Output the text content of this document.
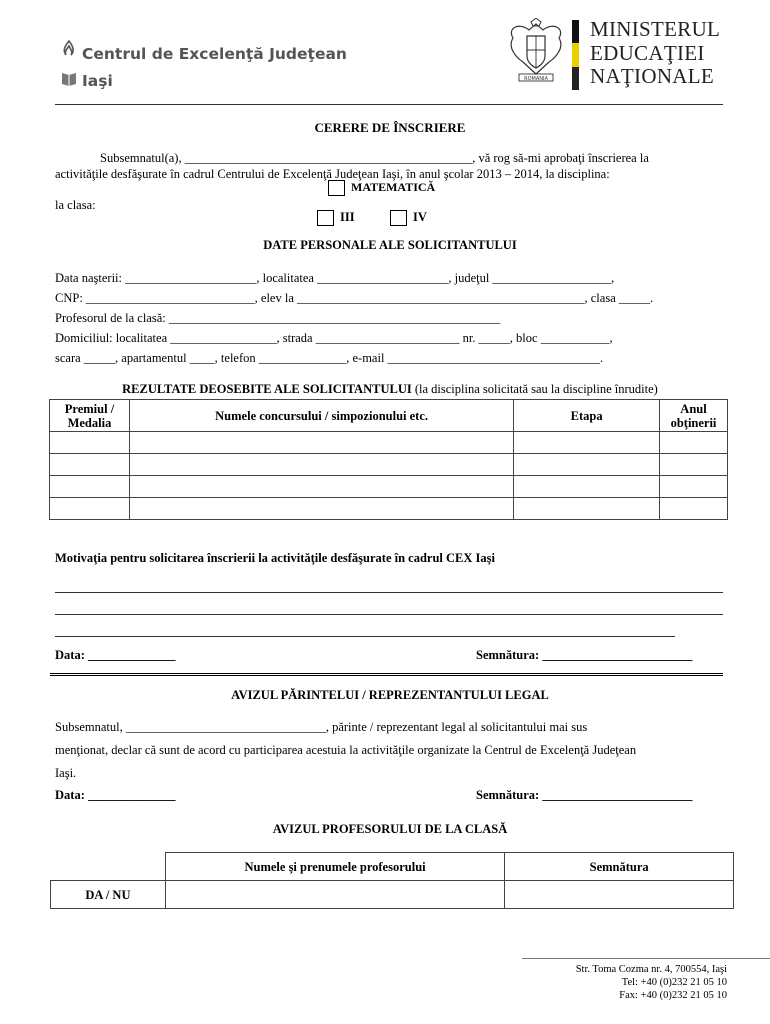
Centrul de Excelenţă Judeţean
Iaşi	ROMANIA
MINISTERUL
EDUCAŢIEI
NAŢIONALE
CERERE DE ÎNSCRIERE
Subsemnatul(a), ______________________________________________, vă rog să-mi aprobaţi înscrierea la
activităţile desfăşurate în cadrul Centrului de Excelenţă Judeţean Iaşi, în anul şcolar 2013 – 2014, la disciplina:
MATEMATICĂ
la clasa:
III	IV
DATE PERSONALE ALE SOLICITANTULUI
Data naşterii: _____________________, localitatea _____________________, judeţul ___________________,
CNP: ___________________________, elev la ______________________________________________, clasa _____.
Profesorul de la clasă: _____________________________________________________
Domiciliul: localitatea _________________, strada _______________________ nr. _____, bloc ___________,
scara _____, apartamentul ____, telefon ______________, e-mail __________________________________.
REZULTATE DEOSEBITE ALE SOLICITANTULUI (la disciplina solicitată sau la discipline înrudite)
Premiul / Medalia	Numele concursului / simpozionului etc.	Etapa	Anul obţinerii

Motivaţia pentru solicitarea înscrierii la activităţile desfăşurate în cadrul CEX Iaşi
Data: ______________	Semnătura: ________________________
AVIZUL PĂRINTELUI / REPREZENTANTULUI LEGAL
Subsemnatul, ________________________________, părinte / reprezentant legal al solicitantului mai sus
menţionat, declar că sunt de acord cu participarea acestuia la activităţile organizate la Centrul de Excelenţă Judeţean
Iaşi.
Data: ______________	Semnătura: ________________________
AVIZUL PROFESORULUI DE LA CLASĂ
	Numele şi prenumele profesorului	Semnătura
DA / NU		
Str. Toma Cozma nr. 4, 700554, Iaşi
Tel: +40 (0)232 21 05 10
Fax: +40 (0)232 21 05 10
